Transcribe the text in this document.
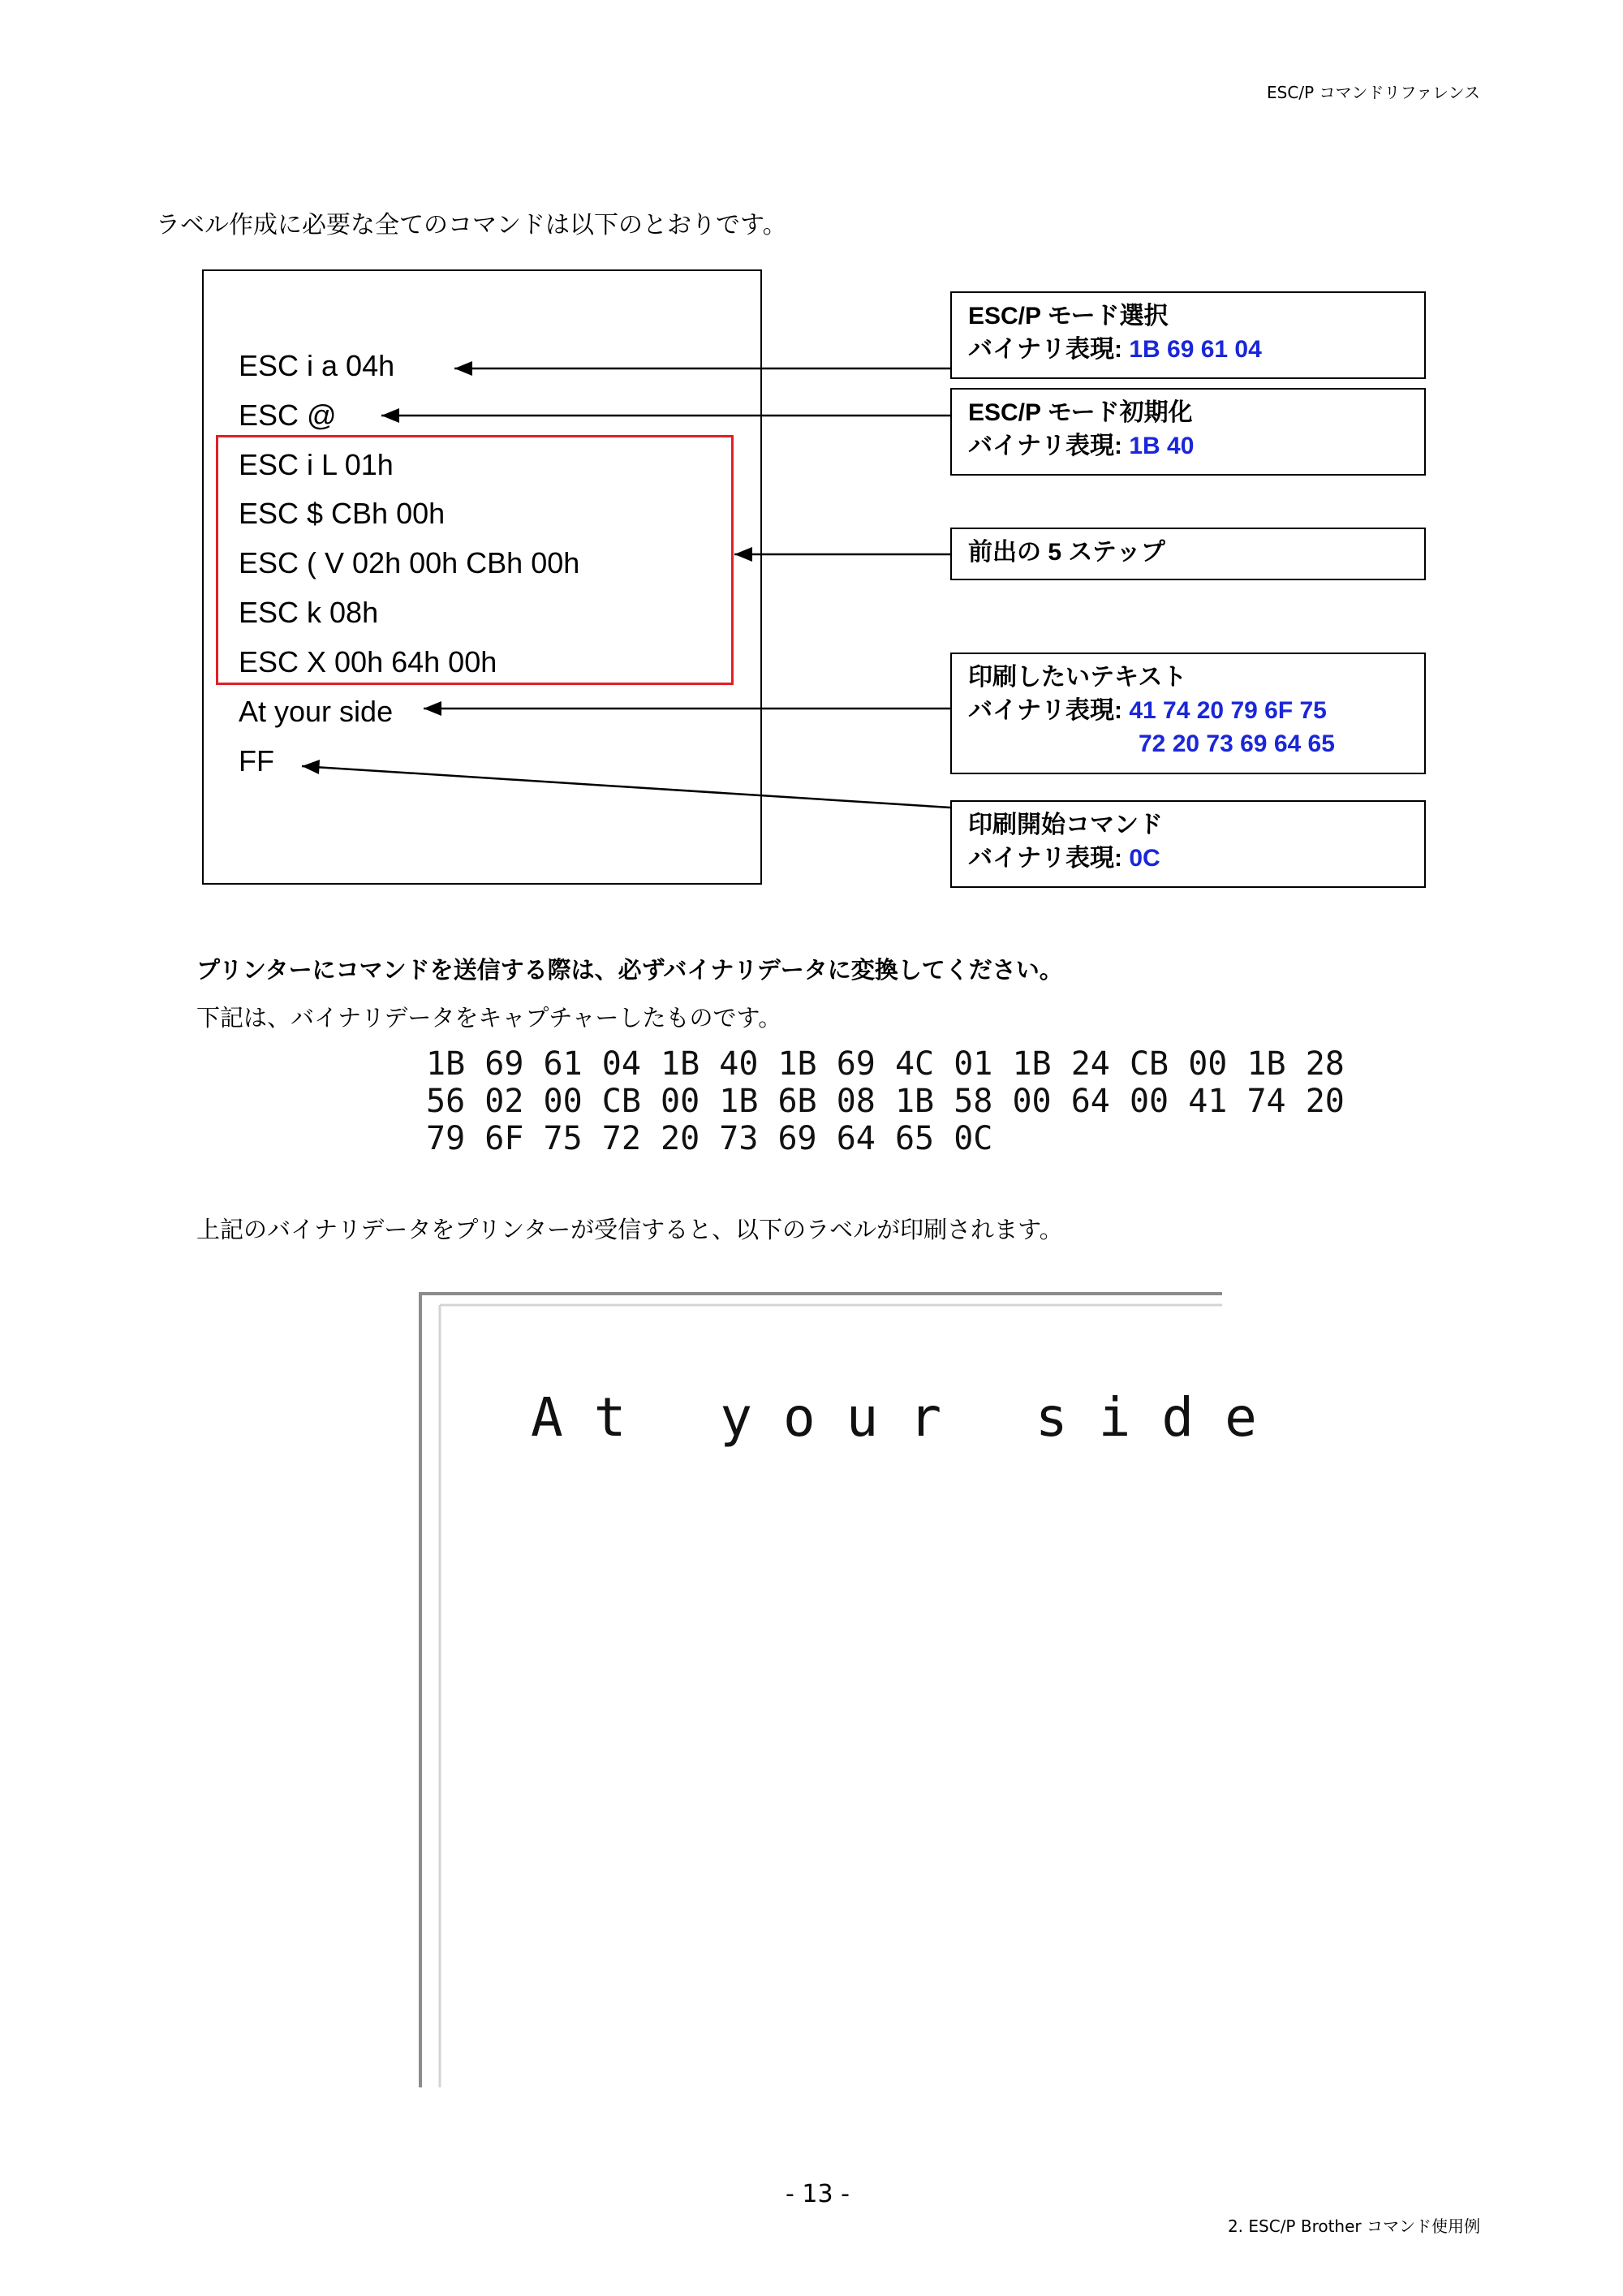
ESC/P コマンドリファレンス
ラベル作成に必要な全てのコマンドは以下のとおりです。
ESC i a 04h
ESC @
ESC i L 01h
ESC $ CBh 00h
ESC ( V 02h 00h CBh 00h
ESC k 08h
ESC X 00h 64h 00h
At your side
FF
ESC/P モード選択
バイナリ表現: 1B 69 61 04
ESC/P モード初期化
バイナリ表現: 1B 40
前出の 5 ステップ
印刷したいテキスト
バイナリ表現: 41 74 20 79 6F 75
72 20 73 69 64 65
印刷開始コマンド
バイナリ表現: 0C
プリンターにコマンドを送信する際は、必ずバイナリデータに変換してください。
下記は、バイナリデータをキャプチャーしたものです。
1B 69 61 04 1B 40 1B 69 4C 01 1B 24 CB 00 1B 28
56 02 00 CB 00 1B 6B 08 1B 58 00 64 00 41 74 20
79 6F 75 72 20 73 69 64 65 0C
上記のバイナリデータをプリンターが受信すると、以下のラベルが印刷されます。
At your side
- 13 -
2. ESC/P Brother コマンド使用例
